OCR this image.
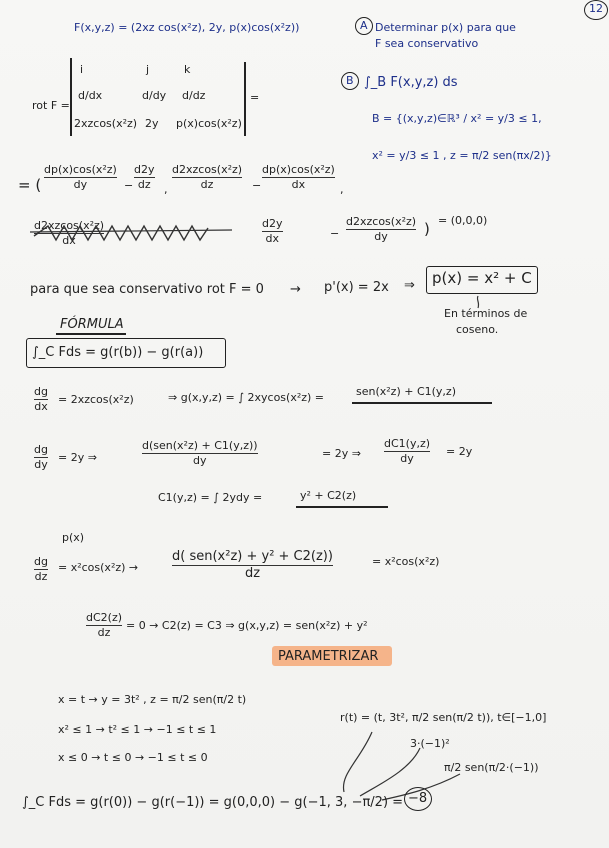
12
F(x,y,z) = (2xz cos(x²z), 2y, p(x)cos(x²z))	A Determinar p(x) para que
F sea conservativo
B ∫_B F(x,y,z) ds
B = {(x,y,z)∈ℝ³ / x² = y/3 ≤ 1,
x² = y/3 ≤ 1 , z = π/2 sen(πx/2)}
rot F =
i	j	k
d/dx	d/dy d/dz
2xzcos(x²z) 2y p(x)cos(x²z)
=
= (
dp(x)cos(x²z)
dy	−
d2y
dz ,
d2xzcos(x²z)
dz	−
dp(x)cos(x²z)
dx	,
d2xzcos(x²z)
dx
d2y
dx	−
d2xzcos(x²z)
dy ) = (0,0,0)
para que sea conservativo rot F = 0 → p'(x) = 2x ⇒ p(x) = x² + C
En términos de
coseno.
FÓRMULA
∫_C Fds = g(r(b)) − g(r(a))
dg
dx
= 2xzcos(x²z)	⇒ g(x,y,z) = ∫ 2xycos(x²z) =	sen(x²z) + C1(y,z)
dg
dy
= 2y ⇒
d(sen(x²z) + C1(y,z))
dy
= 2y ⇒
dC1(y,z)
dy
= 2y
C1(y,z) = ∫ 2ydy =	y² + C2(z)
p(x)
dg
dz
= x²cos(x²z) →
d( sen(x²z) + y² + C2(z))
dz
= x²cos(x²z)
dC2(z)
dz
= 0 → C2(z) = C3 ⇒ g(x,y,z) = sen(x²z) + y²
PARAMETRIZAR
x = t → y = 3t² , z = π/2 sen(π/2 t)
x² ≤ 1 → t² ≤ 1 → −1 ≤ t ≤ 1
x ≤ 0 → t ≤ 0 → −1 ≤ t ≤ 0
r(t) = (t, 3t², π/2 sen(π/2 t)), t∈[−1,0]
3·(−1)²
π/2 sen(π/2·(−1))
∫_C Fds = g(r(0)) − g(r(−1)) = g(0,0,0) − g(−1, 3, −π/2) = −8
